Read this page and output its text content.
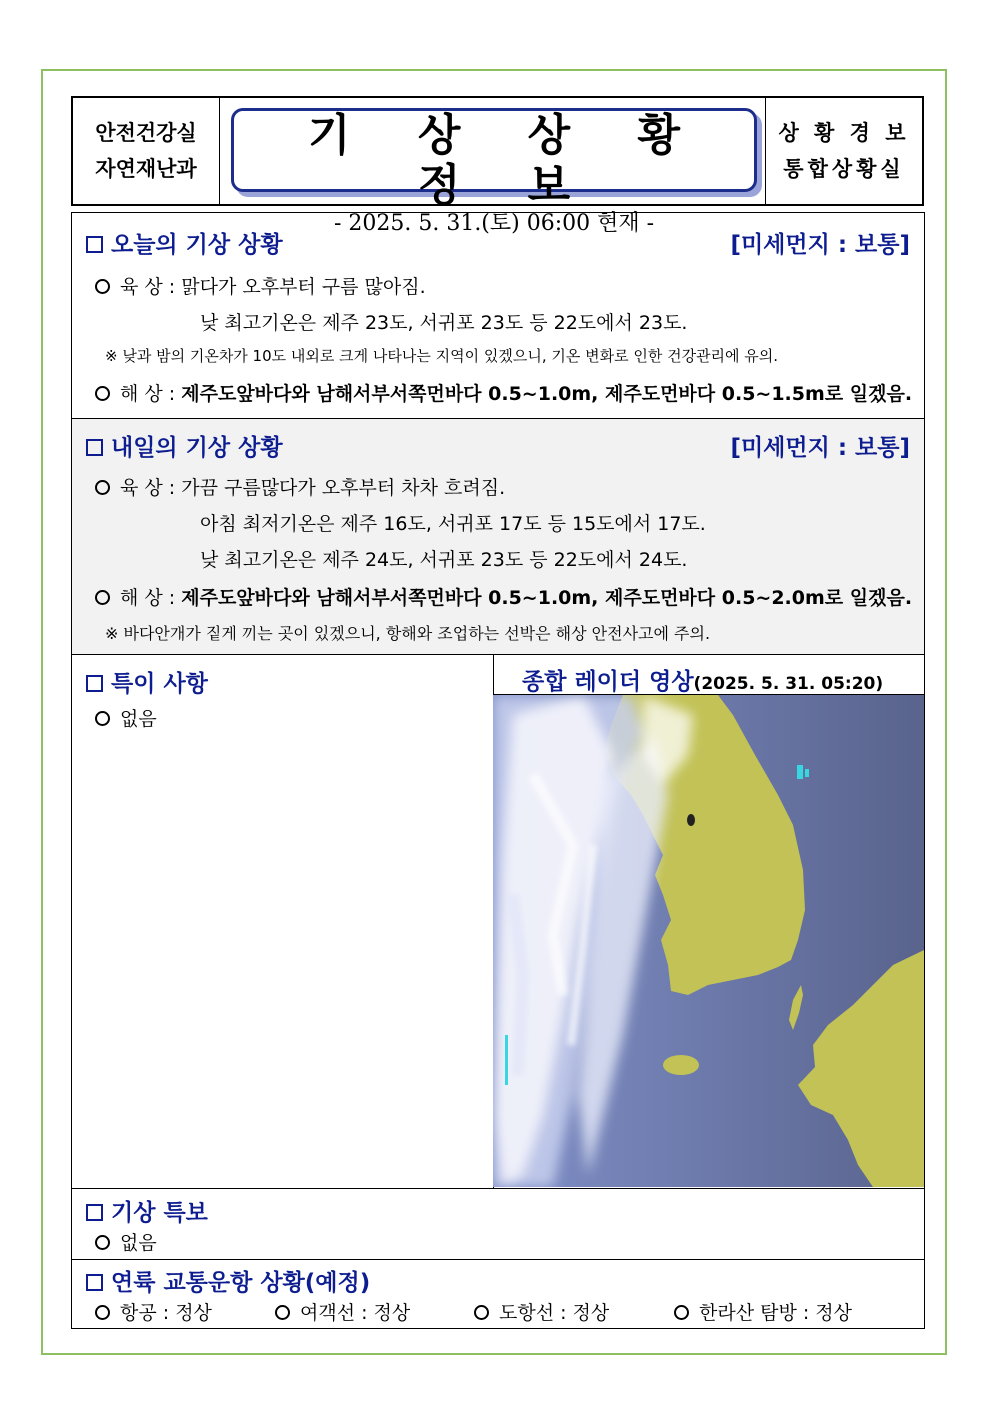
안전건강실
자연재난과
기 상 상 황 정 보
- 2025. 5. 31.(토) 06:00 현재 -
상 황 경 보
통합상황실
오늘의 기상 상황	[미세먼지 : 보통]
육 상 : 맑다가 오후부터 구름 많아짐.
낮 최고기온은 제주 23도, 서귀포 23도 등 22도에서 23도.
※ 낮과 밤의 기온차가 10도 내외로 크게 나타나는 지역이 있겠으니, 기온 변화로 인한 건강관리에 유의.
해 상 : 제주도앞바다와 남해서부서쪽먼바다 0.5~1.0m, 제주도먼바다 0.5~1.5m로 일겠음.
내일의 기상 상황	[미세먼지 : 보통]
육 상 : 가끔 구름많다가 오후부터 차차 흐려짐.
아침 최저기온은 제주 16도, 서귀포 17도 등 15도에서 17도.
낮 최고기온은 제주 24도, 서귀포 23도 등 22도에서 24도.
해 상 : 제주도앞바다와 남해서부서쪽먼바다 0.5~1.0m, 제주도먼바다 0.5~2.0m로 일겠음.
※ 바다안개가 짙게 끼는 곳이 있겠으니, 항해와 조업하는 선박은 해상 안전사고에 주의.
특이 사항
없음
종합 레이더 영상(2025. 5. 31. 05:20)
기상 특보
없음
연륙 교통운항 상황(예정)
항공 : 정상	여객선 : 정상	도항선 : 정상	한라산 탐방 : 정상
